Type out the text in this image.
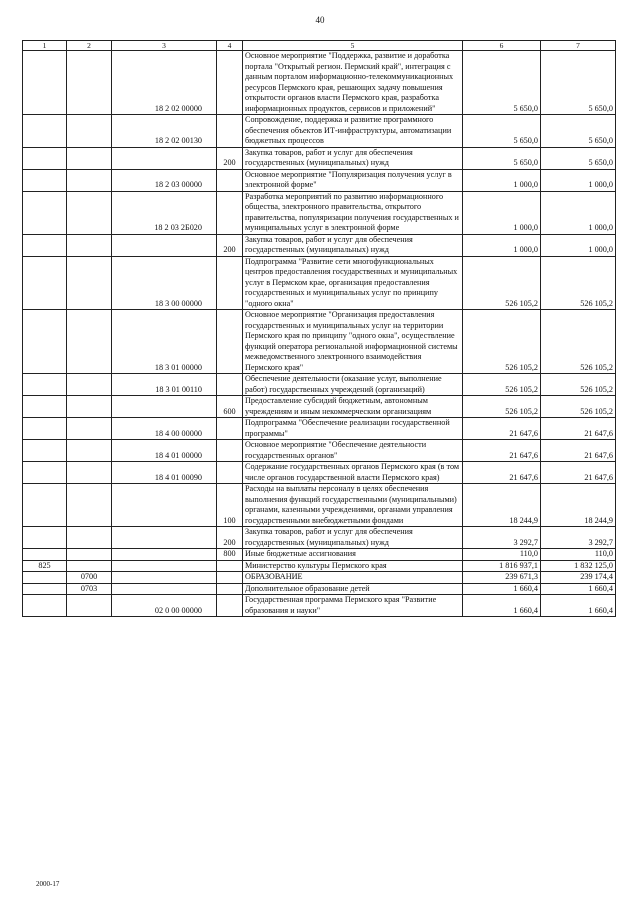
40
1	2	3	4	5	6	7
		18 2 02 00000		Основное мероприятие "Поддержка, развитие и доработка портала "Открытый регион. Пермский край", интеграция с данным порталом информационно-телекоммуникационных ресурсов Пермского края, решающих задачу повышения открытости органов власти Пермского края, разработка информационных продуктов, сервисов и приложений"	5 650,0	5 650,0
		18 2 02 00130		Сопровождение, поддержка и развитие программного обеспечения объектов ИТ-инфраструктуры, автоматизации бюджетных процессов	5 650,0	5 650,0
			200	Закупка товаров, работ и услуг для обеспечения государственных (муниципальных) нужд	5 650,0	5 650,0
		18 2 03 00000		Основное мероприятие "Популяризация получения услуг в электронной форме"	1 000,0	1 000,0
		18 2 03 2Б020		Разработка мероприятий по развитию информационного общества, электронного правительства, открытого правительства, популяризации получения государственных и муниципальных услуг в электронной форме	1 000,0	1 000,0
			200	Закупка товаров, работ и услуг для обеспечения государственных (муниципальных) нужд	1 000,0	1 000,0
		18 3 00 00000		Подпрограмма "Развитие сети многофункциональных центров предоставления государственных и муниципальных услуг в Пермском крае, организация предоставления государственных и муниципальных услуг по принципу "одного окна"	526 105,2	526 105,2
		18 3 01 00000		Основное мероприятие "Организация предоставления государственных и муниципальных услуг на территории Пермского края по принципу "одного окна", осуществление функций оператора региональной информационной системы межведомственного электронного взаимодействия Пермского края"	526 105,2	526 105,2
		18 3 01 00110		Обеспечение деятельности (оказание услуг, выполнение работ) государственных учреждений (организаций)	526 105,2	526 105,2
			600	Предоставление субсидий бюджетным, автономным учреждениям и иным некоммерческим организациям	526 105,2	526 105,2
		18 4 00 00000		Подпрограмма "Обеспечение реализации государственной программы"	21 647,6	21 647,6
		18 4 01 00000		Основное мероприятие "Обеспечение деятельности государственных органов"	21 647,6	21 647,6
		18 4 01 00090		Содержание государственных органов Пермского края (в том числе органов государственной власти Пермского края)	21 647,6	21 647,6
			100	Расходы на выплаты персоналу в целях обеспечения выполнения функций государственными (муниципальными) органами, казенными учреждениями, органами управления государственными внебюджетными фондами	18 244,9	18 244,9
			200	Закупка товаров, работ и услуг для обеспечения государственных (муниципальных) нужд	3 292,7	3 292,7
			800	Иные бюджетные ассигнования	110,0	110,0
825				Министерство культуры Пермского края	1 816 937,1	1 832 125,0
	0700			ОБРАЗОВАНИЕ	239 671,3	239 174,4
	0703			Дополнительное образование детей	1 660,4	1 660,4
		02 0 00 00000		Государственная программа Пермского края "Развитие образования и науки"	1 660,4	1 660,4
2000-17
